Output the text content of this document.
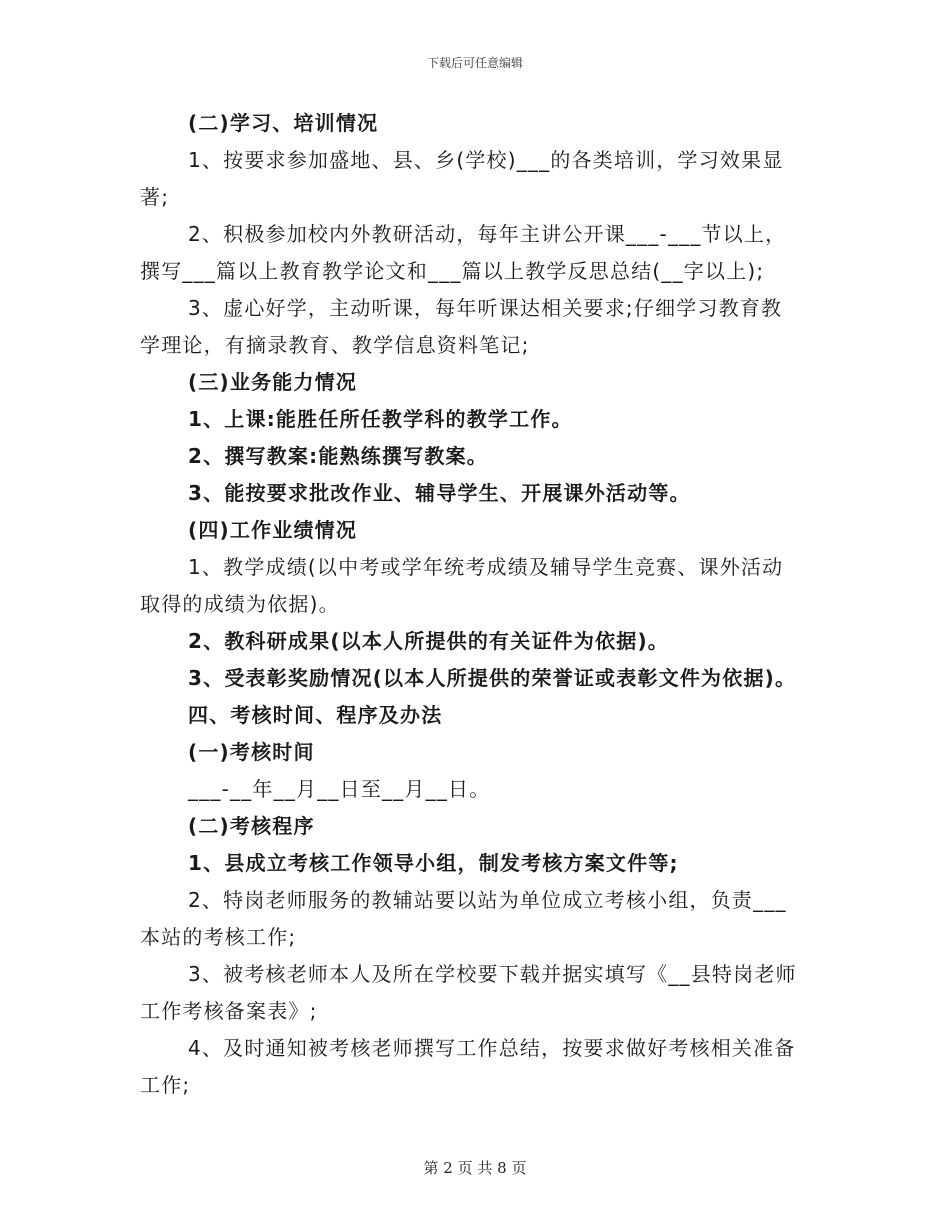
下载后可任意编辑
(二)学习、培训情况
1、按要求参加盛地、县、乡(学校)___的各类培训，学习效果显
著;
2、积极参加校内外教研活动，每年主讲公开课___-___节以上，
撰写___篇以上教育教学论文和___篇以上教学反思总结(__字以上);
3、虚心好学，主动听课，每年听课达相关要求;仔细学习教育教
学理论，有摘录教育、教学信息资料笔记;
(三)业务能力情况
1、上课:能胜任所任教学科的教学工作。
2、撰写教案:能熟练撰写教案。
3、能按要求批改作业、辅导学生、开展课外活动等。
(四)工作业绩情况
1、教学成绩(以中考或学年统考成绩及辅导学生竞赛、课外活动
取得的成绩为依据)。
2、教科研成果(以本人所提供的有关证件为依据)。
3、受表彰奖励情况(以本人所提供的荣誉证或表彰文件为依据)。
四、考核时间、程序及办法
(一)考核时间
___-__年__月__日至__月__日。
(二)考核程序
1、县成立考核工作领导小组，制发考核方案文件等;
2、特岗老师服务的教辅站要以站为单位成立考核小组，负责___
本站的考核工作;
3、被考核老师本人及所在学校要下载并据实填写《__县特岗老师
工作考核备案表》;
4、及时通知被考核老师撰写工作总结，按要求做好考核相关准备
工作;
第 2 页 共 8 页
